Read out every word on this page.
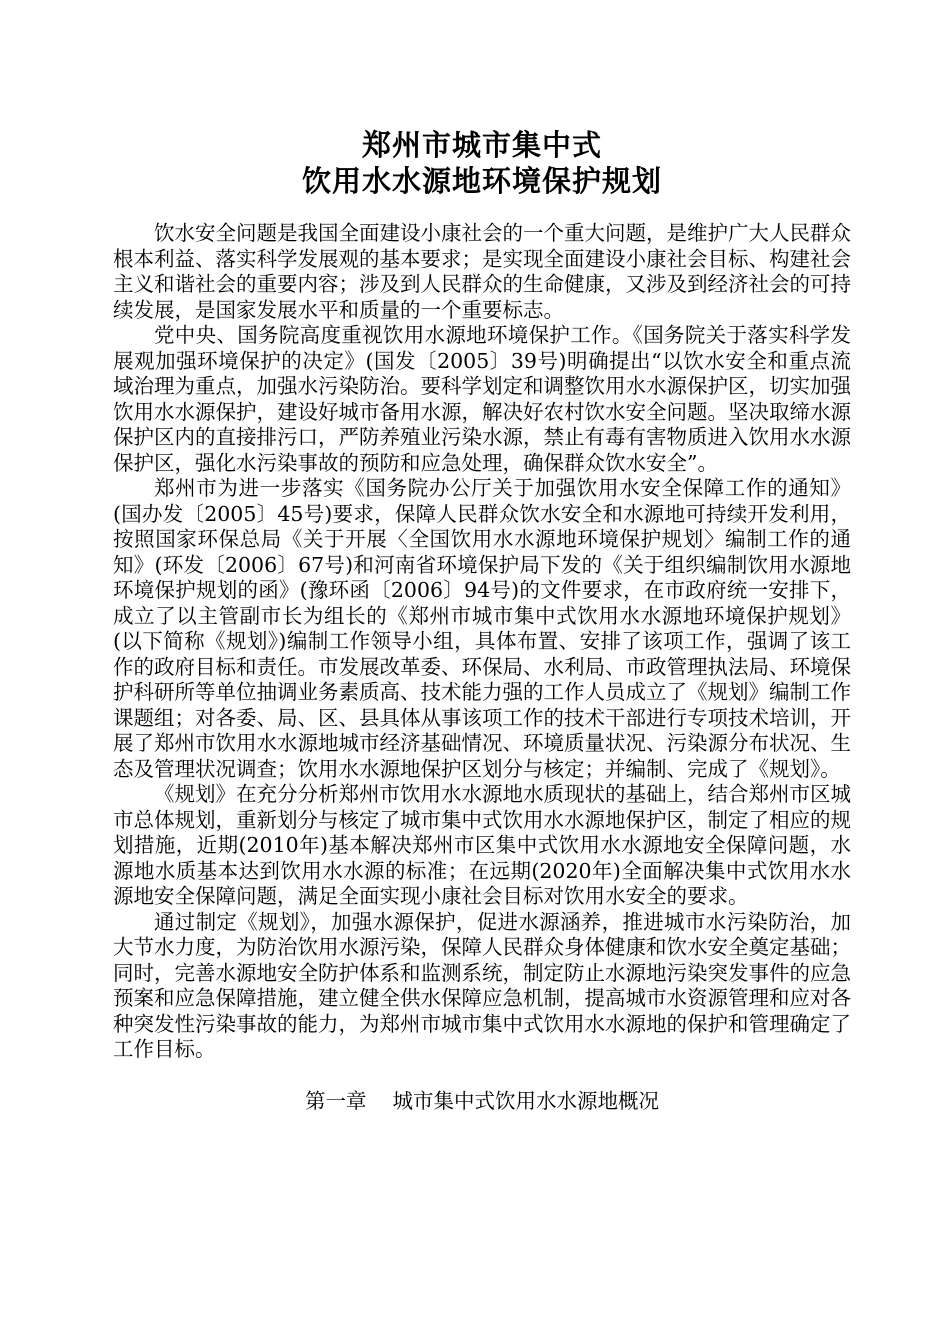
郑州市城市集中式
饮用水水源地环境保护规划

饮水安全问题是我国全面建设小康社会的一个重大问题，是维护广大人民群众根本利益、落实科学发展观的基本要求；是实现全面建设小康社会目标、构建社会主义和谐社会的重要内容；涉及到人民群众的生命健康，又涉及到经济社会的可持续发展，是国家发展水平和质量的一个重要标志。

党中央、国务院高度重视饮用水源地环境保护工作。《国务院关于落实科学发展观加强环境保护的决定》(国发〔2005〕39号)明确提出“以饮水安全和重点流域治理为重点，加强水污染防治。要科学划定和调整饮用水水源保护区，切实加强饮用水水源保护，建设好城市备用水源，解决好农村饮水安全问题。坚决取缔水源保护区内的直接排污口，严防养殖业污染水源，禁止有毒有害物质进入饮用水水源保护区，强化水污染事故的预防和应急处理，确保群众饮水安全”。

郑州市为进一步落实《国务院办公厅关于加强饮用水安全保障工作的通知》(国办发〔2005〕45号)要求，保障人民群众饮水安全和水源地可持续开发利用，按照国家环保总局《关于开展〈全国饮用水水源地环境保护规划〉编制工作的通知》(环发〔2006〕67号)和河南省环境保护局下发的《关于组织编制饮用水源地环境保护规划的函》(豫环函〔2006〕94号)的文件要求，在市政府统一安排下，成立了以主管副市长为组长的《郑州市城市集中式饮用水水源地环境保护规划》(以下简称《规划》)编制工作领导小组，具体布置、安排了该项工作，强调了该工作的政府目标和责任。市发展改革委、环保局、水利局、市政管理执法局、环境保护科研所等单位抽调业务素质高、技术能力强的工作人员成立了《规划》编制工作课题组；对各委、局、区、县具体从事该项工作的技术干部进行专项技术培训，开展了郑州市饮用水水源地城市经济基础情况、环境质量状况、污染源分布状况、生态及管理状况调查；饮用水水源地保护区划分与核定；并编制、完成了《规划》。

《规划》在充分分析郑州市饮用水水源地水质现状的基础上，结合郑州市区城市总体规划，重新划分与核定了城市集中式饮用水水源地保护区，制定了相应的规划措施，近期(2010年)基本解决郑州市区集中式饮用水水源地安全保障问题，水源地水质基本达到饮用水水源的标准；在远期(2020年)全面解决集中式饮用水水源地安全保障问题，满足全面实现小康社会目标对饮用水安全的要求。

通过制定《规划》，加强水源保护，促进水源涵养，推进城市水污染防治，加大节水力度，为防治饮用水源污染，保障人民群众身体健康和饮水安全奠定基础；同时，完善水源地安全防护体系和监测系统，制定防止水源地污染突发事件的应急预案和应急保障措施，建立健全供水保障应急机制，提高城市水资源管理和应对各种突发性污染事故的能力，为郑州市城市集中式饮用水水源地的保护和管理确定了工作目标。

第一章    城市集中式饮用水水源地概况
